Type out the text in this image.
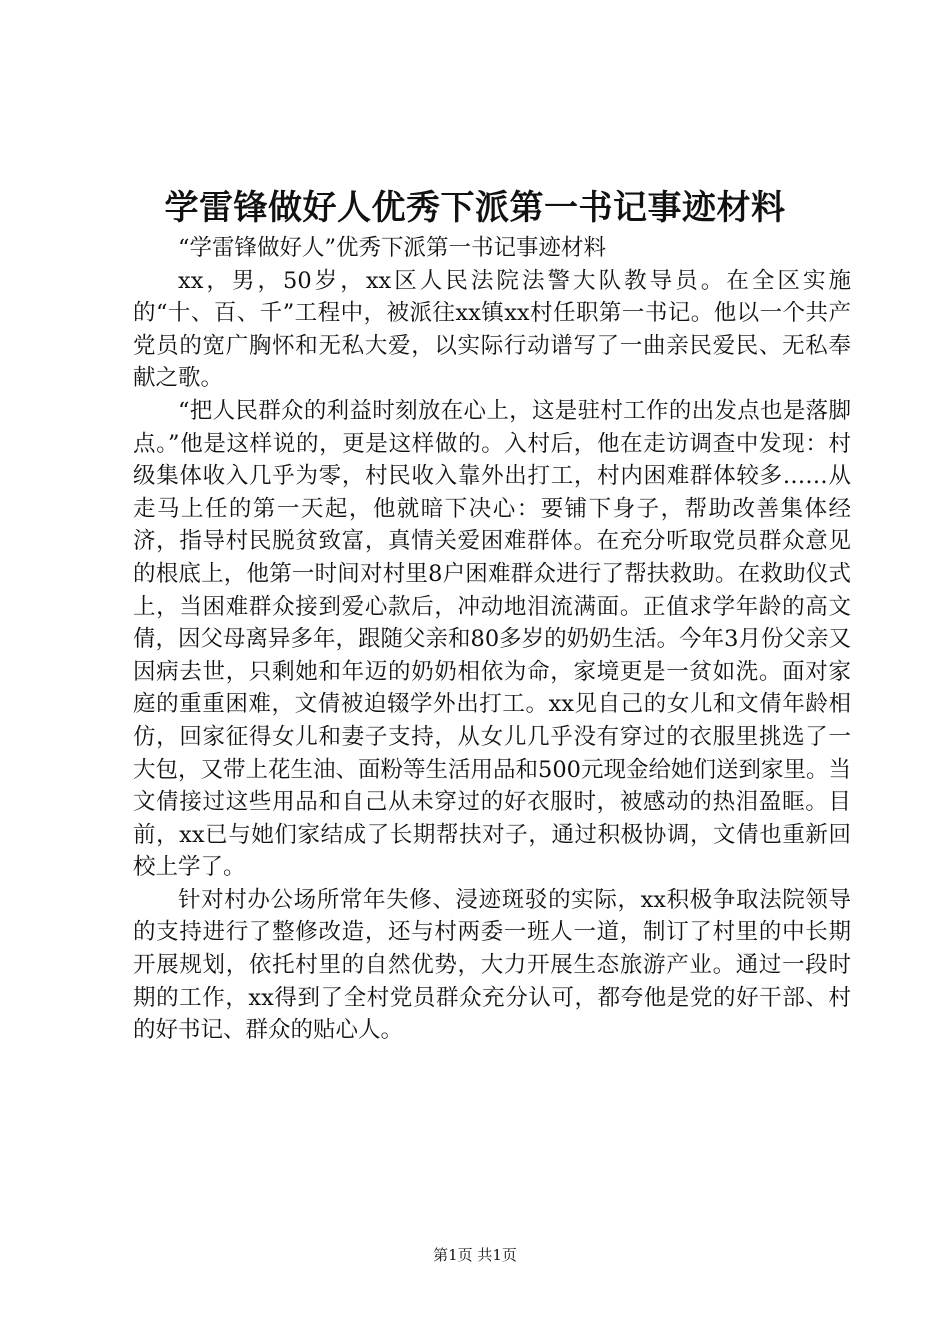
学雷锋做好人优秀下派第一书记事迹材料

“学雷锋做好人”优秀下派第一书记事迹材料

xx，男，50岁，xx区人民法院法警大队教导员。在全区实施的“十、百、千”工程中，被派往xx镇xx村任职第一书记。他以一个共产党员的宽广胸怀和无私大爱，以实际行动谱写了一曲亲民爱民、无私奉献之歌。

“把人民群众的利益时刻放在心上，这是驻村工作的出发点也是落脚点。”他是这样说的，更是这样做的。入村后，他在走访调查中发现：村级集体收入几乎为零，村民收入靠外出打工，村内困难群体较多……从走马上任的第一天起，他就暗下决心：要铺下身子，帮助改善集体经济，指导村民脱贫致富，真情关爱困难群体。在充分听取党员群众意见的根底上，他第一时间对村里8户困难群众进行了帮扶救助。在救助仪式上，当困难群众接到爱心款后，冲动地泪流满面。正值求学年龄的高文倩，因父母离异多年，跟随父亲和80多岁的奶奶生活。今年3月份父亲又因病去世，只剩她和年迈的奶奶相依为命，家境更是一贫如洗。面对家庭的重重困难，文倩被迫辍学外出打工。xx见自己的女儿和文倩年龄相仿，回家征得女儿和妻子支持，从女儿几乎没有穿过的衣服里挑选了一大包，又带上花生油、面粉等生活用品和500元现金给她们送到家里。当文倩接过这些用品和自己从未穿过的好衣服时，被感动的热泪盈眶。目前，xx已与她们家结成了长期帮扶对子，通过积极协调，文倩也重新回校上学了。

针对村办公场所常年失修、浸迹斑驳的实际，xx积极争取法院领导的支持进行了整修改造，还与村两委一班人一道，制订了村里的中长期开展规划，依托村里的自然优势，大力开展生态旅游产业。通过一段时期的工作，xx得到了全村党员群众充分认可，都夸他是党的好干部、村的好书记、群众的贴心人。

第1页 共1页
